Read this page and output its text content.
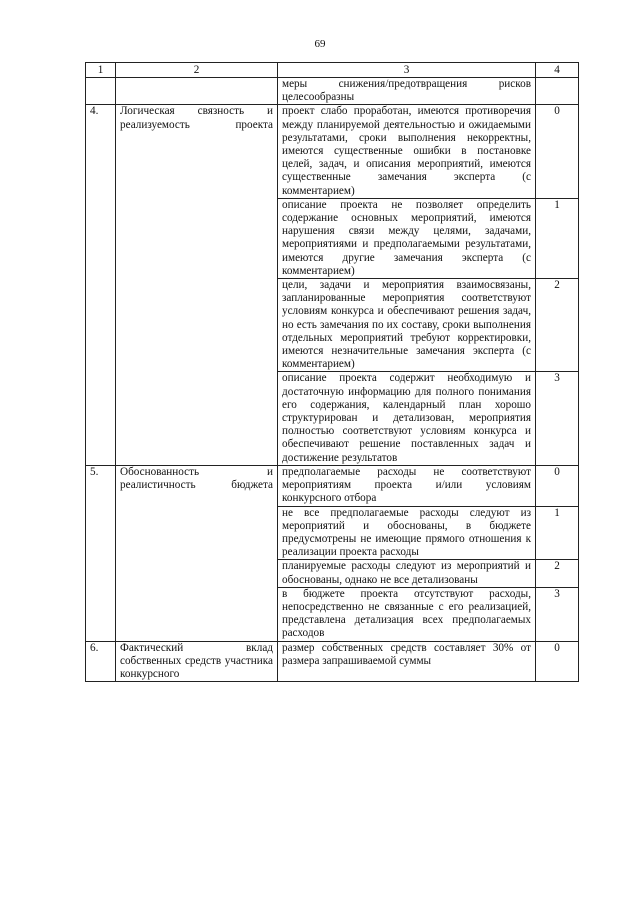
69
1	2	3	4
		меры снижения/предотвращения рисков целесообразны	
4.	Логическая связность и реализуемость проекта	проект слабо проработан, имеются противоречия между планируемой деятельностью и ожидаемыми результатами, сроки выполнения некорректны, имеются существенные ошибки в постановке целей, задач, и описания мероприятий, имеются существенные замечания эксперта (с комментарием)	0
		описание проекта не позволяет определить содержание основных мероприятий, имеются нарушения связи между целями, задачами, мероприятиями и предполагаемыми результатами, имеются другие замечания эксперта (с комментарием)	1
		цели, задачи и мероприятия взаимосвязаны, запланированные мероприятия соответствуют условиям конкурса и обеспечивают решения задач, но есть замечания по их составу, сроки выполнения отдельных мероприятий требуют корректировки, имеются незначительные замечания эксперта (с комментарием)	2
		описание проекта содержит необходимую и достаточную информацию для полного понимания его содержания, календарный план хорошо структурирован и детализован, мероприятия полностью соответствуют условиям конкурса и обеспечивают решение поставленных задач и достижение результатов	3
5.	Обоснованность и реалистичность бюджета	предполагаемые расходы не соответствуют мероприятиям проекта и/или условиям конкурсного отбора	0
		не все предполагаемые расходы следуют из мероприятий и обоснованы, в бюджете предусмотрены не имеющие прямого отношения к реализации проекта расходы	1
		планируемые расходы следуют из мероприятий и обоснованы, однако не все детализованы	2
		в бюджете проекта отсутствуют расходы, непосредственно не связанные с его реализацией, представлена детализация всех предполагаемых расходов	3
6.	Фактический вклад собственных средств участника конкурсного	размер собственных средств составляет 30% от размера запрашиваемой суммы	0
